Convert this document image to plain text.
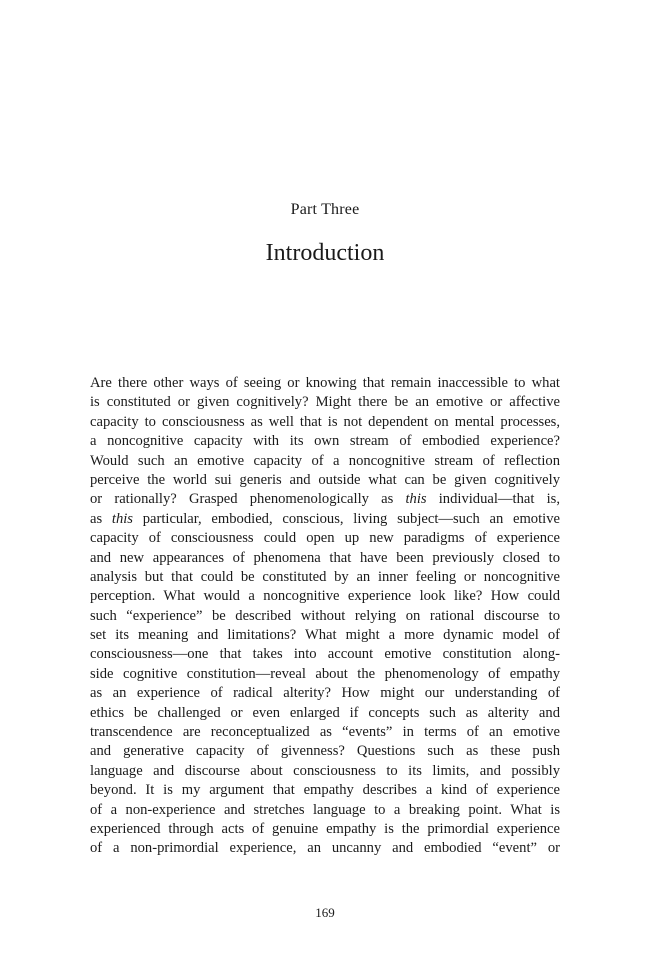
Part Three
Introduction
Are there other ways of seeing or knowing that remain inaccessible to what
is constituted or given cognitively? Might there be an emotive or affective
capacity to consciousness as well that is not dependent on mental processes,
a noncognitive capacity with its own stream of embodied experience?
Would such an emotive capacity of a noncognitive stream of reflection
perceive the world sui generis and outside what can be given cognitively
or rationally? Grasped phenomenologically as this individual—that is,
as this particular, embodied, conscious, living subject—such an emotive
capacity of consciousness could open up new paradigms of experience
and new appearances of phenomena that have been previously closed to
analysis but that could be constituted by an inner feeling or noncognitive
perception. What would a noncognitive experience look like? How could
such “experience” be described without relying on rational discourse to
set its meaning and limitations? What might a more dynamic model of
consciousness—one that takes into account emotive constitution along-
side cognitive constitution—reveal about the phenomenology of empathy
as an experience of radical alterity? How might our understanding of
ethics be challenged or even enlarged if concepts such as alterity and
transcendence are reconceptualized as “events” in terms of an emotive
and generative capacity of givenness? Questions such as these push
language and discourse about consciousness to its limits, and possibly
beyond. It is my argument that empathy describes a kind of experience
of a non-experience and stretches language to a breaking point. What is
experienced through acts of genuine empathy is the primordial experience
of a non-primordial experience, an uncanny and embodied “event” or
169
